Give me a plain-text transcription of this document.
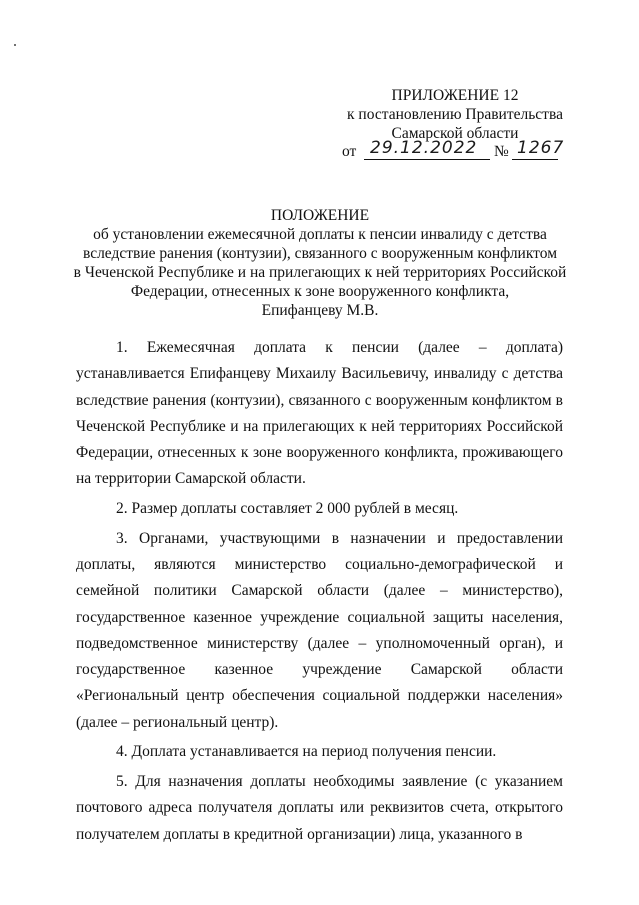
ПРИЛОЖЕНИЕ 12
к постановлению Правительства
Самарской области
от 29.12.2022 № 1267
ПОЛОЖЕНИЕ
об установлении ежемесячной доплаты к пенсии инвалиду с детства
вследствие ранения (контузии), связанного с вооруженным конфликтом
в Чеченской Республике и на прилегающих к ней территориях Российской
Федерации, отнесенных к зоне вооруженного конфликта,
Епифанцеву М.В.

1. Ежемесячная доплата к пенсии (далее – доплата) устанавливается Епифанцеву Михаилу Васильевичу, инвалиду с детства вследствие ранения (контузии), связанного с вооруженным конфликтом в Чеченской Республике и на прилегающих к ней территориях Российской Федерации, отнесенных к зоне вооруженного конфликта, проживающего на территории Самарской области.

2. Размер доплаты составляет 2 000 рублей в месяц.

3. Органами, участвующими в назначении и предоставлении доплаты, являются министерство социально-демографической и семейной политики Самарской области (далее – министерство), государственное казенное учреждение социальной защиты населения, подведомственное министерству (далее – уполномоченный орган), и государственное казенное учреждение Самарской области «Региональный центр обеспечения социальной поддержки населения» (далее – региональный центр).

4. Доплата устанавливается на период получения пенсии.

5. Для назначения доплаты необходимы заявление (с указанием почтового адреса получателя доплаты или реквизитов счета, открытого получателем доплаты в кредитной организации) лица, указанного в
